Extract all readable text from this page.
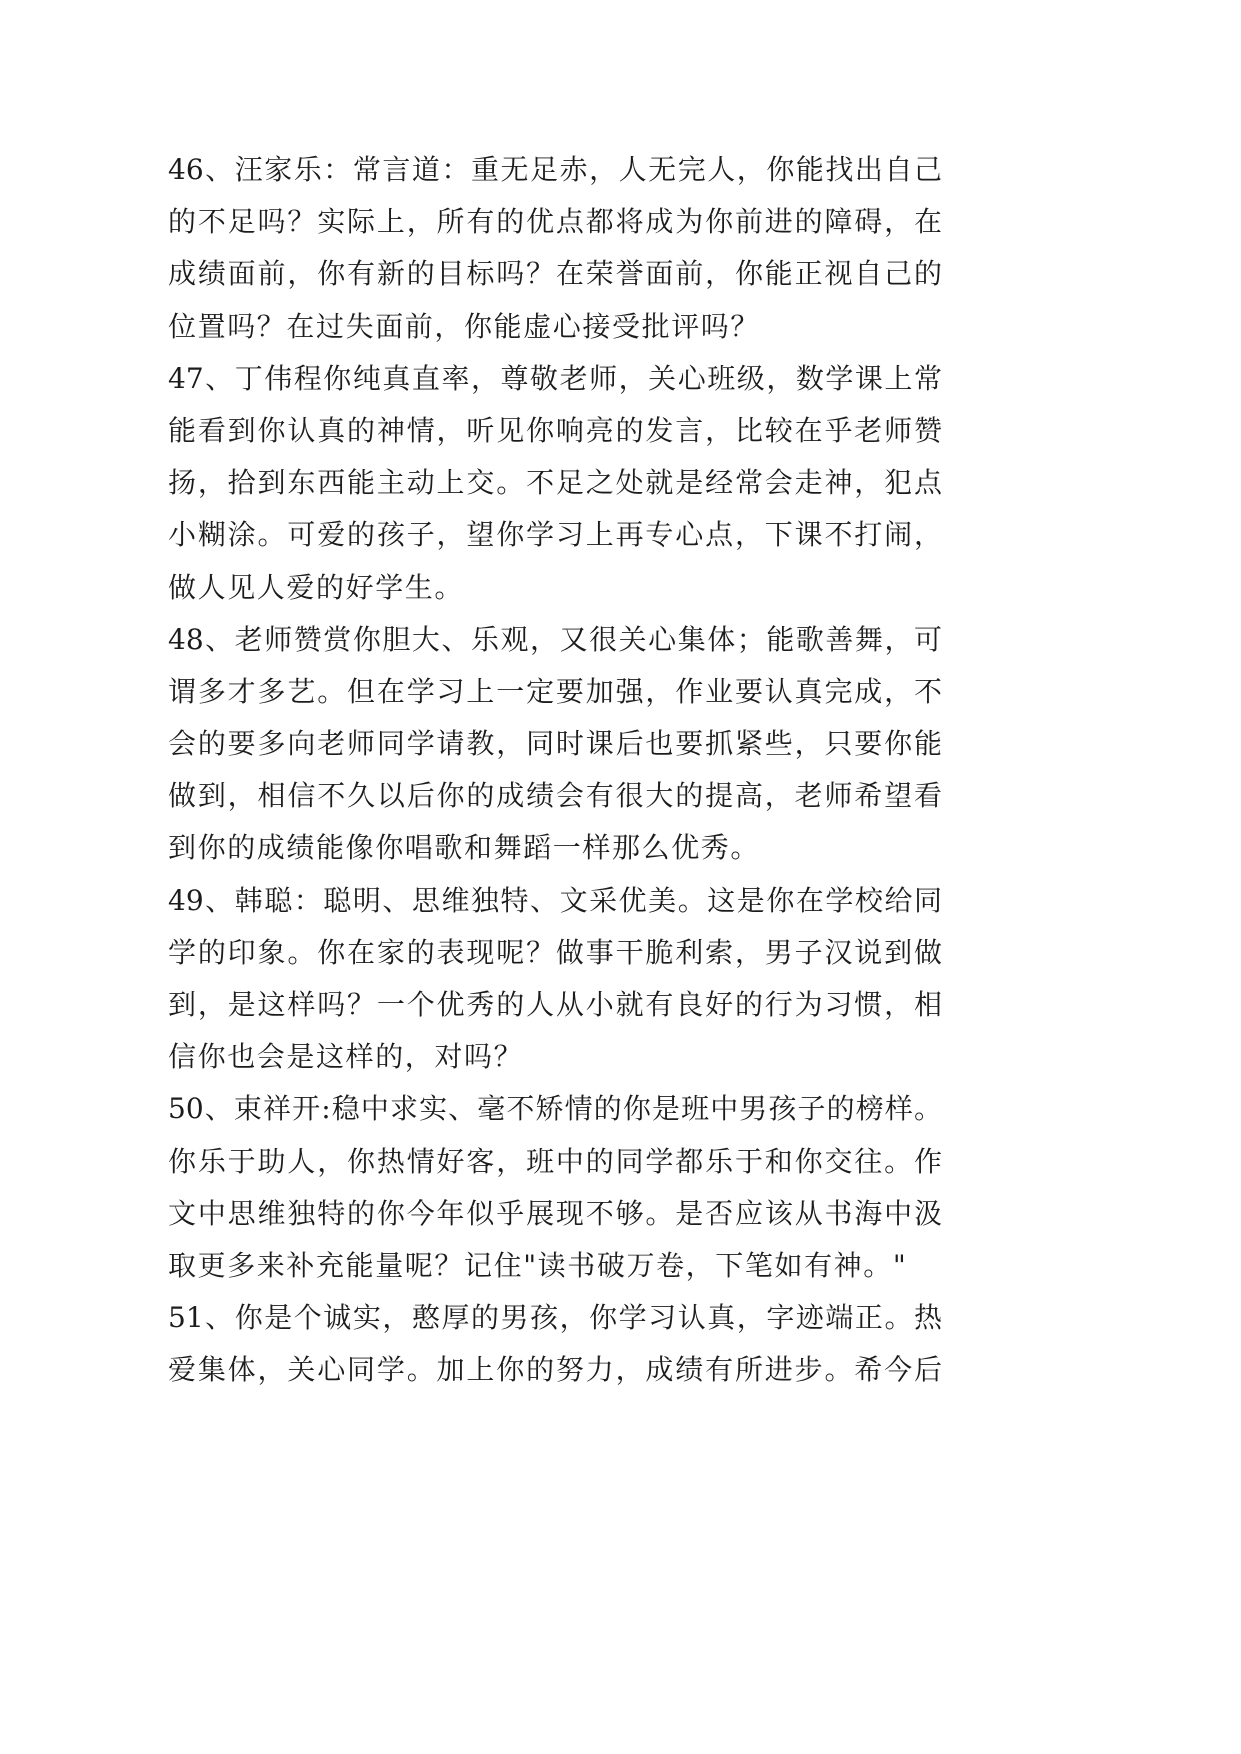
46、汪家乐：常言道：重无足赤，人无完人，你能找出自己
的不足吗？实际上，所有的优点都将成为你前进的障碍，在
成绩面前，你有新的目标吗？在荣誉面前，你能正视自己的
位置吗？在过失面前，你能虚心接受批评吗？
47、丁伟程你纯真直率，尊敬老师，关心班级，数学课上常
能看到你认真的神情，听见你响亮的发言，比较在乎老师赞
扬，拾到东西能主动上交。不足之处就是经常会走神，犯点
小糊涂。可爱的孩子，望你学习上再专心点，下课不打闹，
做人见人爱的好学生。
48、老师赞赏你胆大、乐观，又很关心集体；能歌善舞，可
谓多才多艺。但在学习上一定要加强，作业要认真完成，不
会的要多向老师同学请教，同时课后也要抓紧些，只要你能
做到，相信不久以后你的成绩会有很大的提高，老师希望看
到你的成绩能像你唱歌和舞蹈一样那么优秀。
49、韩聪：聪明、思维独特、文采优美。这是你在学校给同
学的印象。你在家的表现呢？做事干脆利索，男子汉说到做
到，是这样吗？一个优秀的人从小就有良好的行为习惯，相
信你也会是这样的，对吗？
50、束祥开:稳中求实、毫不矫情的你是班中男孩子的榜样。
你乐于助人，你热情好客，班中的同学都乐于和你交往。作
文中思维独特的你今年似乎展现不够。是否应该从书海中汲
取更多来补充能量呢？记住"读书破万卷，下笔如有神。"
51、你是个诚实，憨厚的男孩，你学习认真，字迹端正。热
爱集体，关心同学。加上你的努力，成绩有所进步。希今后
